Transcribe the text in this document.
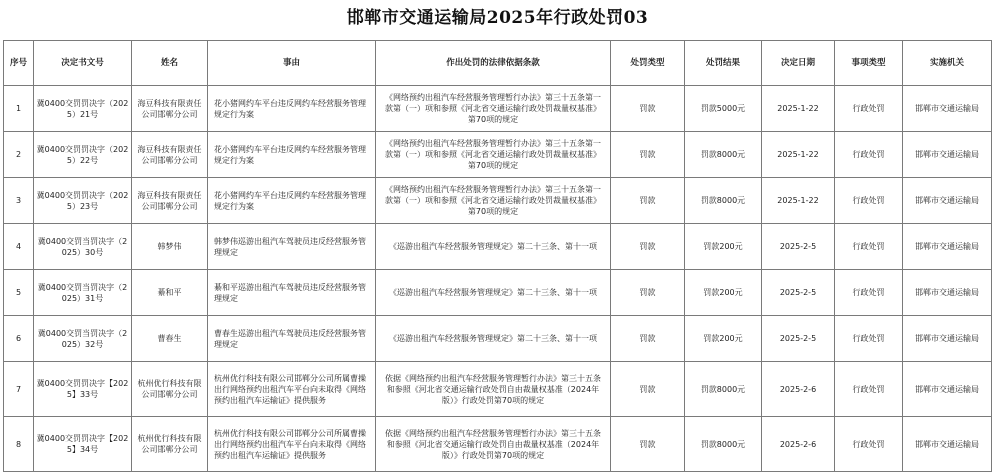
邯郸市交通运输局2025年行政处罚03
序号	决定书文号	姓名	事由	作出处罚的法律依据条款	处罚类型	处罚结果	决定日期	事项类型	实施机关
1	冀0400交罚罚决字（2025）21号	海豆科技有限责任公司邯郸分公司	花小猪网约车平台违反网约车经营服务管理规定行为案	《网络预约出租汽车经营服务管理暂行办法》第三十五条第一款第（一）项和参照《河北省交通运输行政处罚裁量权基准》第70项的规定	罚款	罚款5000元	2025-1-22	行政处罚	邯郸市交通运输局
2	冀0400交罚罚决字（2025）22号	海豆科技有限责任公司邯郸分公司	花小猪网约车平台违反网约车经营服务管理规定行为案	《网络预约出租汽车经营服务管理暂行办法》第三十五条第一款第（一）项和参照《河北省交通运输行政处罚裁量权基准》第70项的规定	罚款	罚款8000元	2025-1-22	行政处罚	邯郸市交通运输局
3	冀0400交罚罚决字（2025）23号	海豆科技有限责任公司邯郸分公司	花小猪网约车平台违反网约车经营服务管理规定行为案	《网络预约出租汽车经营服务管理暂行办法》第三十五条第一款第（一）项和参照《河北省交通运输行政处罚裁量权基准》第70项的规定	罚款	罚款8000元	2025-1-22	行政处罚	邯郸市交通运输局
4	冀0400交罚当罚决字（2025）30号	韩梦伟	韩梦伟巡游出租汽车驾驶员违反经营服务管理规定	《巡游出租汽车经营服务管理规定》第二十三条、第十一项	罚款	罚款200元	2025-2-5	行政处罚	邯郸市交通运输局
5	冀0400交罚当罚决字（2025）31号	綦和平	綦和平巡游出租汽车驾驶员违反经营服务管理规定	《巡游出租汽车经营服务管理规定》第二十三条、第十一项	罚款	罚款200元	2025-2-5	行政处罚	邯郸市交通运输局
6	冀0400交罚当罚决字（2025）32号	曹春生	曹春生巡游出租汽车驾驶员违反经营服务管理规定	《巡游出租汽车经营服务管理规定》第二十三条、第十一项	罚款	罚款200元	2025-2-5	行政处罚	邯郸市交通运输局
7	冀0400交罚罚决字【2025】33号	杭州优行科技有限公司邯郸分公司	杭州优行科技有限公司邯郸分公司所属曹操出行网络预约出租汽车平台向未取得《网络预约出租汽车运输证》提供服务	依据《网络预约出租汽车经营服务管理暂行办法》第三十五条和参照《河北省交通运输行政处罚自由裁量权基准（2024年版）》行政处罚第70项的规定	罚款	罚款8000元	2025-2-6	行政处罚	邯郸市交通运输局
8	冀0400交罚罚决字【2025】34号	杭州优行科技有限公司邯郸分公司	杭州优行科技有限公司邯郸分公司所属曹操出行网络预约出租汽车平台向未取得《网络预约出租汽车运输证》提供服务	依据《网络预约出租汽车经营服务管理暂行办法》第三十五条和参照《河北省交通运输行政处罚自由裁量权基准（2024年版）》行政处罚第70项的规定	罚款	罚款8000元	2025-2-6	行政处罚	邯郸市交通运输局
